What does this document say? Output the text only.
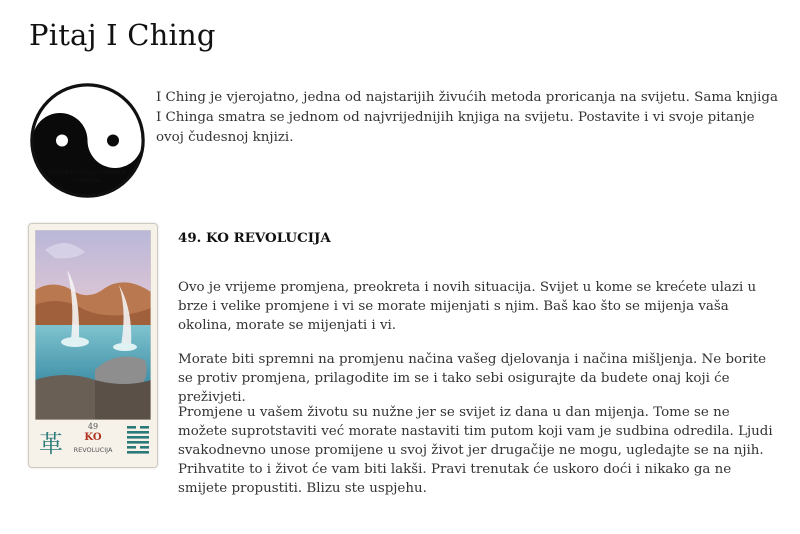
Pitaj I Ching
Pitaj I Ching!
Najstarija knjiga proricanja
na svijetu...

I Ching je vjerojatno, jedna od najstarijih živućih metoda proricanja na svijetu. Sama knjiga I Chinga smatra se jednom od najvrijednijih knjiga na svijetu. Postavite i vi svoje pitanje ovoj čudesnoj knjizi.

革
49
KO
REVOLUCIJA
49. KO REVOLUCIJA

Ovo je vrijeme promjena, preokreta i novih situacija. Svijet u kome se krećete ulazi u brze i velike promjene i vi se morate mijenjati s njim. Baš kao što se mijenja vaša okolina, morate se mijenjati i vi.

Morate biti spremni na promjenu načina vašeg djelovanja i načina mišljenja. Ne borite se protiv promjena, prilagodite im se i tako sebi osigurajte da budete onaj koji će preživjeti.

Promjene u vašem životu su nužne jer se svijet iz dana u dan mijenja. Tome se ne možete suprotstaviti već morate nastaviti tim putom koji vam je sudbina odredila. Ljudi svakodnevno unose promijene u svoj život jer drugačije ne mogu, ugledajte se na njih. Prihvatite to i život će vam biti lakši. Pravi trenutak će uskoro doći i nikako ga ne smijete propustiti. Blizu ste uspjehu.
